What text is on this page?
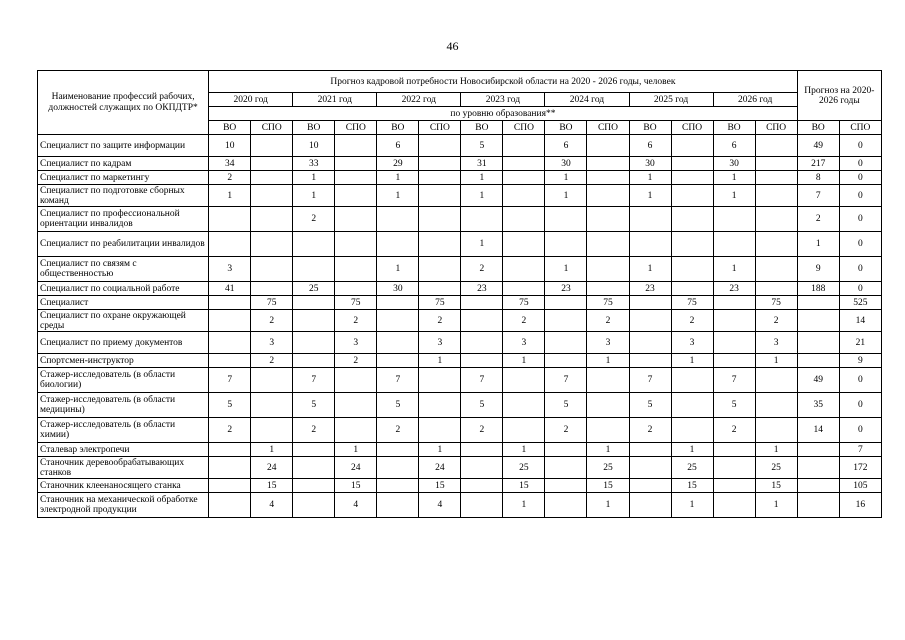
46
Наименование профессий рабочих, должностей служащих по ОКПДТР*	Прогноз кадровой потребности Новосибирской области на 2020 - 2026 годы, человек														Прогноз на 2020-2026 годы	
	2020 год		2021 год		2022 год		2023 год		2024 год		2025 год		2026 год			
	по уровню образования**															
	ВО	СПО	ВО	СПО	ВО	СПО	ВО	СПО	ВО	СПО	ВО	СПО	ВО	СПО	ВО	СПО
Специалист по защите информации	10		10		6		5		6		6		6		49	0
Специалист по кадрам	34		33		29		31		30		30		30		217	0
Специалист по маркетингу	2		1		1		1		1		1		1		8	0
Специалист по подготовке сборных команд	1		1		1		1		1		1		1		7	0
Специалист по профессиональной ориентации инвалидов			2												2	0
Специалист по реабилитации инвалидов							1								1	0
Специалист по связям с общественностью	3				1		2		1		1		1		9	0
Специалист по социальной работе	41		25		30		23		23		23		23		188	0
Специалист		75		75		75		75		75		75		75		525
Специалист по охране окружающей среды		2		2		2		2		2		2		2		14
Специалист по приему документов		3		3		3		3		3		3		3		21
Спортсмен-инструктор		2		2		1		1		1		1		1		9
Стажер-исследователь (в области биологии)	7		7		7		7		7		7		7		49	0
Стажер-исследователь (в области медицины)	5		5		5		5		5		5		5		35	0
Стажер-исследователь (в области химии)	2		2		2		2		2		2		2		14	0
Сталевар электропечи		1		1		1		1		1		1		1		7
Станочник деревообрабатывающих станков		24		24		24		25		25		25		25		172
Станочник клеенаносящего станка		15		15		15		15		15		15		15		105
Станочник на механической обработке электродной продукции		4		4		4		1		1		1		1		16
